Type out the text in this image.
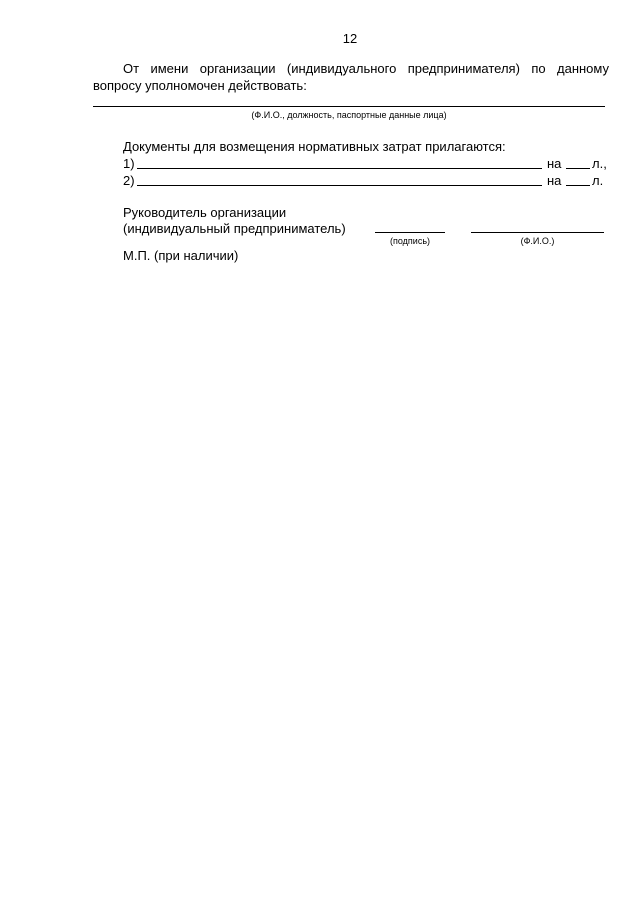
12
От имени организации (индивидуального предпринимателя) по данному вопросу уполномочен действовать:
(Ф.И.О., должность, паспортные данные лица)
Документы для возмещения нормативных затрат прилагаются:
1)	на л.,
2)	на л.
Руководитель организации
(индивидуальный предприниматель)
(подпись)	(Ф.И.О.)
М.П. (при наличии)
